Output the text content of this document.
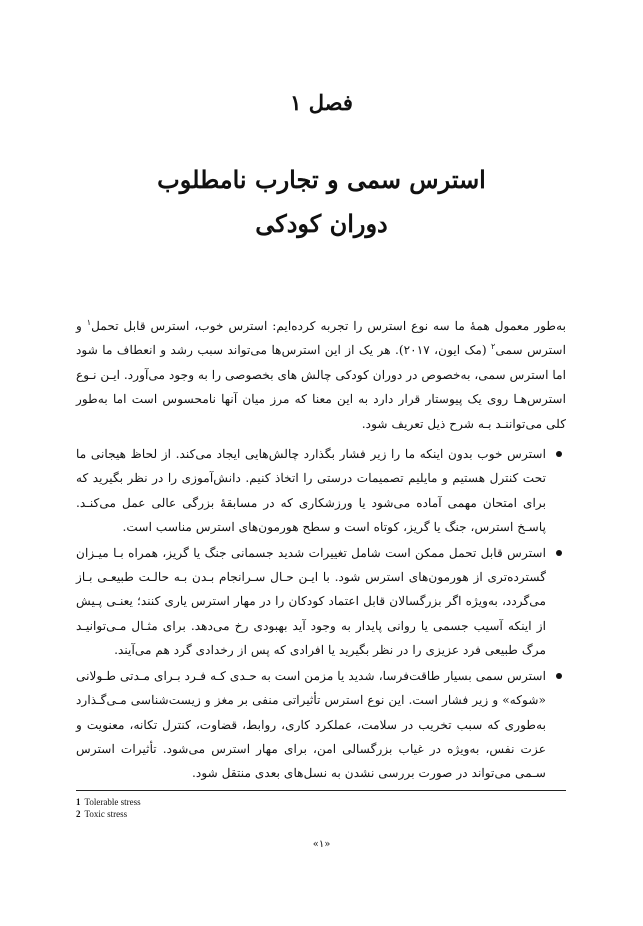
فصل ۱
استرس سمی و تجارب نامطلوب
دوران کودکی

به‌طور معمول همهٔ ما سه نوع استرس را تجربه کرده‌ایم: استرس خوب، استرس قابل تحمل$^۱$ و استرس سمی$^۲$ (مک ایون، ۲۰۱۷). هر یک از این استرس‌ها می‌تواند سبب رشد و انعطاف ما شود اما استرس سمی، به‌خصوص در دوران کودکی چالش های بخصوصی را به وجود می‌آورد. ایـن نـوع استرس‌هـا روی یک پیوستار قرار دارد به این معنا که مرز میان آنها نامحسوس است اما به‌طور کلی می‌تواننـد بـه شرح ذیل تعریف شود.

استرس خوب بدون اینکه ما را زیر فشار بگذارد چالش‌هایی ایجاد می‌کند. از لحاظ هیجانی ما تحت کنترل هستیم و مایلیم تصمیمات درستی را اتخاذ کنیم. دانش‌آموزی را در نظر بگیرید که برای امتحان مهمی آماده می‌شود یا ورزشکاری که در مسابقهٔ بزرگی عالی عمل می‌کنـد. پاسـخ استرس، جنگ یا گریز، کوتاه است و سطح هورمون‌های استرس مناسب است.
استرس قابل تحمل ممکن است شامل تغییرات شدید جسمانی جنگ یا گریز، همراه بـا میـزان گسترده‌تری از هورمون‌های استرس شود. با ایـن حـال سـرانجام بـدن بـه حالـت طبیعـی بـاز می‌گردد، به‌ویژه اگر بزرگسالان قابل اعتماد کودکان را در مهار استرس یاری کنند؛ یعنـی پـیش از اینکه آسیب جسمی یا روانی پایدار به وجود آید بهبودی رخ می‌دهد. برای مثـال مـی‌توانیـد مرگ طبیعی فرد عزیزی را در نظر بگیرید یا افرادی که پس از رخدادی گرد هم می‌آیند.
استرس سمی بسیار طاقت‌فرسا، شدید یا مزمن است به حـدی کـه فـرد بـرای مـدتی طـولانی «شوکه» و زیر فشار است. این نوع استرس تأثیراتی منفی بر مغز و زیست‌شناسی مـی‌گـذارد به‌طوری که سبب تخریب در سلامت، عملکرد کاری، روابط، قضاوت، کنترل تکانه، معنویت و عزت نفس، به‌ویژه در غیاب بزرگسالی امن، برای مهار استرس می‌شود. تأثیرات استرس سـمی می‌تواند در صورت بررسی نشدن به نسل‌های بعدی منتقل شود.
1 Tolerable stress
2 Toxic stress
«۱»
